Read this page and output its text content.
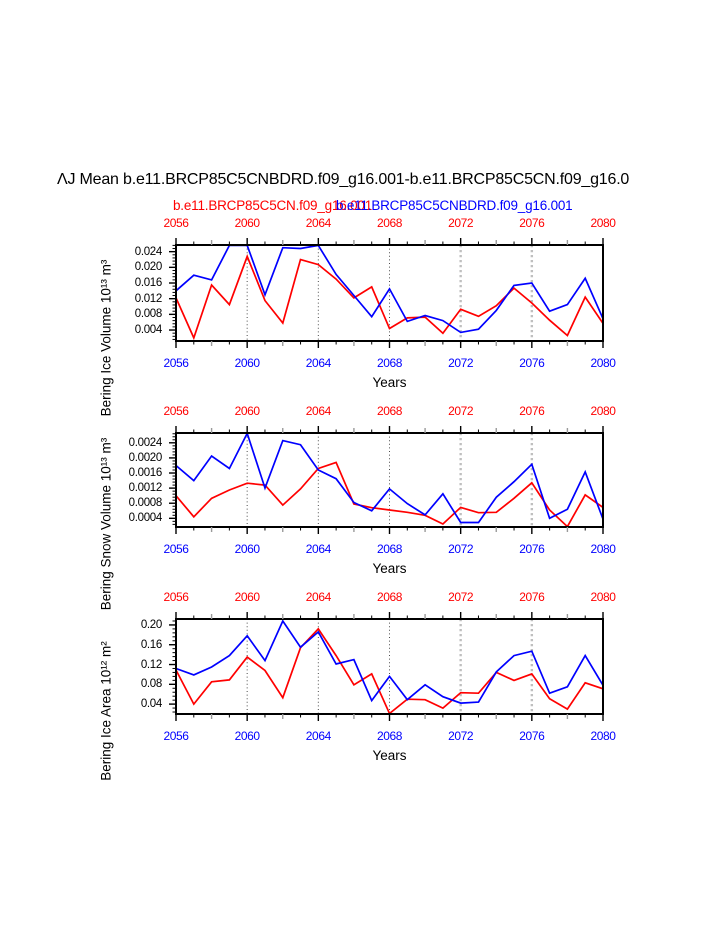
ΛJ Mean b.e11.BRCP85C5CNBDRD.f09_g16.001-b.e11.BRCP85C5CN.f09_g16.0
b.e11.BRCP85C5CN.f09_g16.001
b.e11.BRCP85C5CNBDRD.f09_g16.001
Bering Ice Volume 10¹³ m³	Years
2056
2056
2060
2060
2064
2064
2068
2068
2072
2072
2076
2076
2080
2080
0.004
0.008
0.012
0.016
0.020
0.024
Bering Snow Volume 10¹³ m³	Years
2056
2056
2060
2060
2064
2064
2068
2068
2072
2072
2076
2076
2080
2080
0.0004
0.0008
0.0012
0.0016
0.0020
0.0024
Bering Ice Area 10¹² m²	Years
2056
2056
2060
2060
2064
2064
2068
2068
2072
2072
2076
2076
2080
2080
0.04
0.08
0.12
0.16
0.20
